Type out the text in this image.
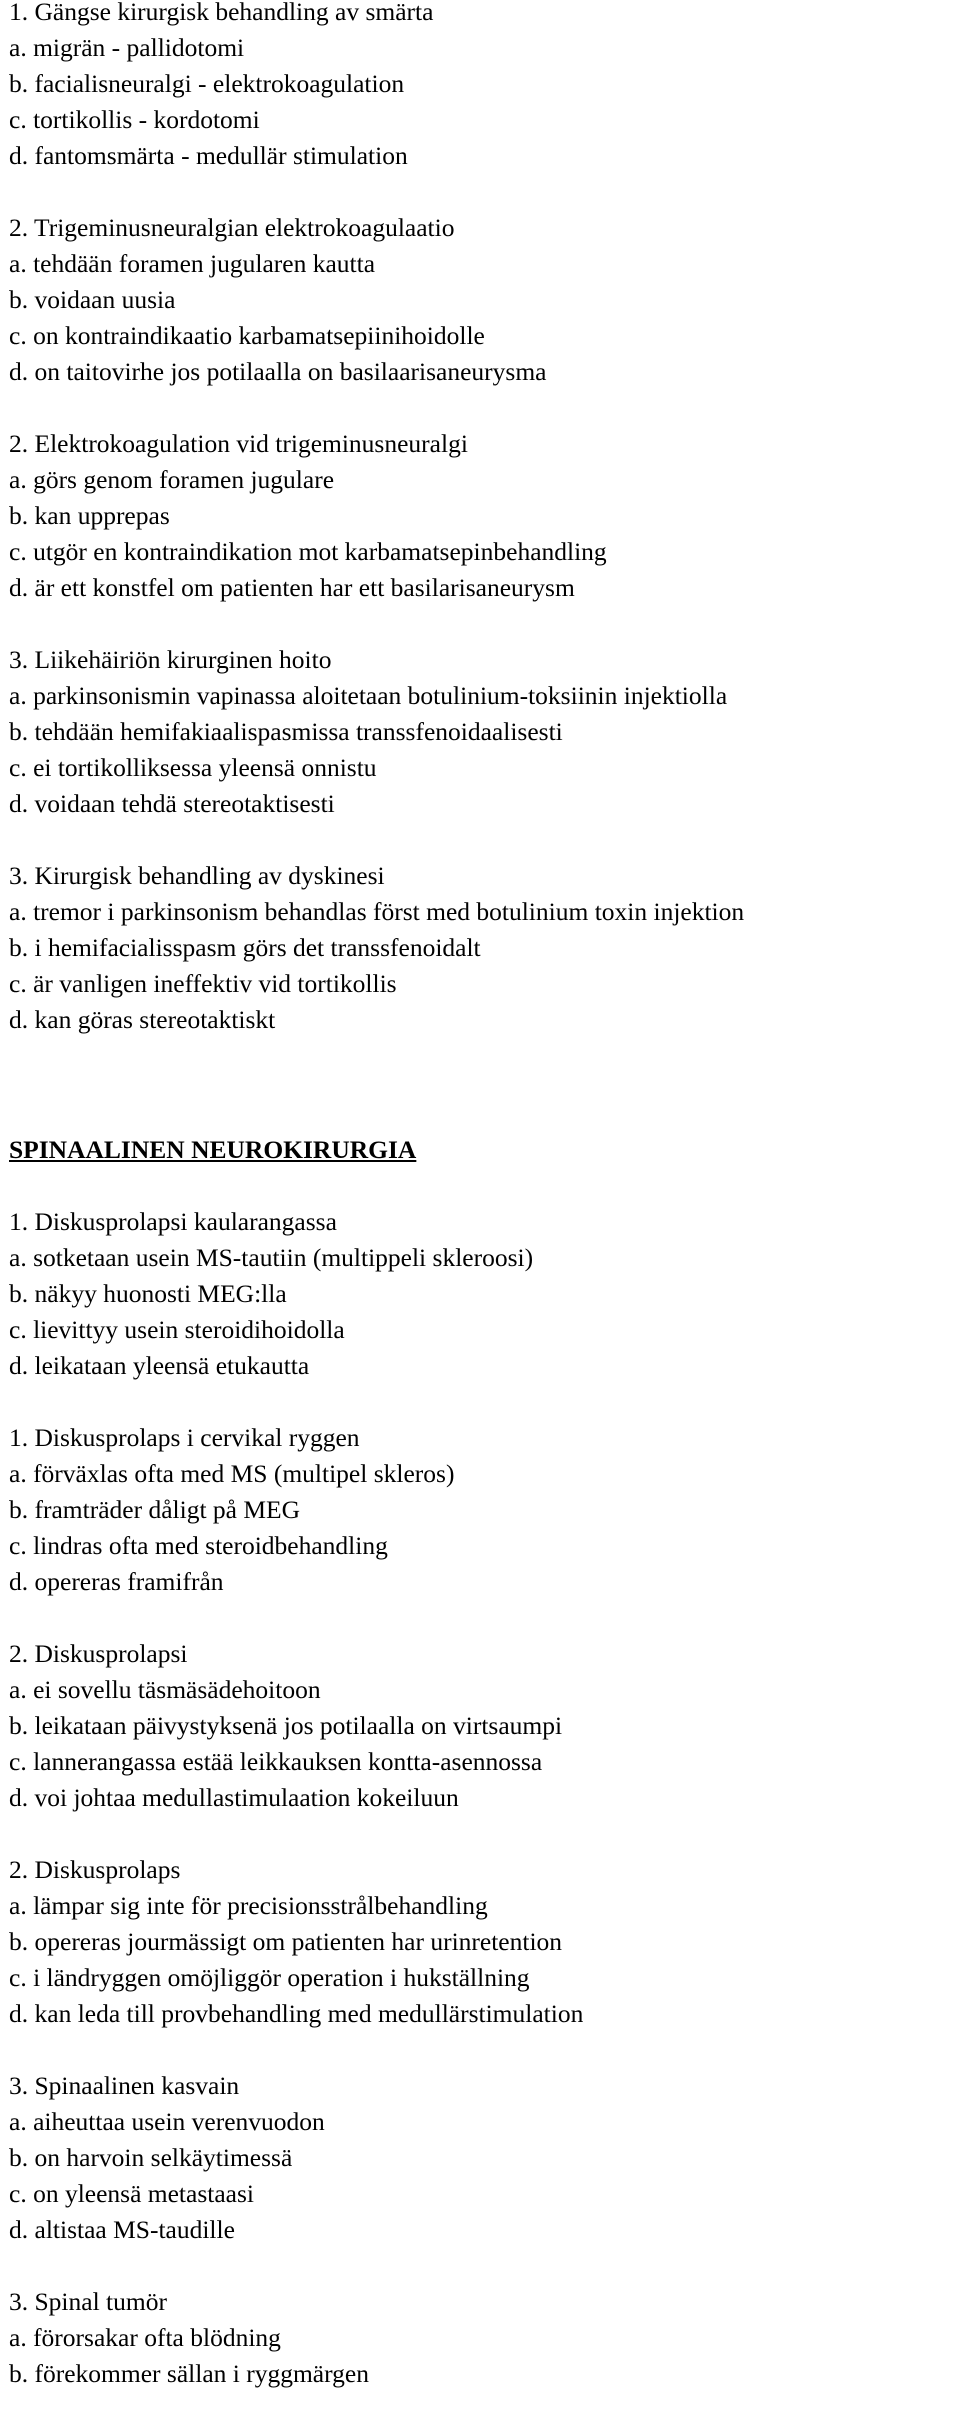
1. Gängse kirurgisk behandling av smärta

a. migrän - pallidotomi

b. facialisneuralgi - elektrokoagulation

c. tortikollis - kordotomi

d. fantomsmärta - medullär stimulation

2. Trigeminusneuralgian elektrokoagulaatio

a. tehdään foramen jugularen kautta

b. voidaan uusia

c. on kontraindikaatio karbamatsepiinihoidolle

d. on taitovirhe jos potilaalla on basilaarisaneurysma

2. Elektrokoagulation vid trigeminusneuralgi

a. görs genom foramen jugulare

b. kan upprepas

c. utgör en kontraindikation mot karbamatsepinbehandling

d. är ett konstfel om patienten har ett basilarisaneurysm

3. Liikehäiriön kirurginen hoito

a. parkinsonismin vapinassa aloitetaan botulinium-toksiinin injektiolla

b. tehdään hemifakiaalispasmissa transsfenoidaalisesti

c. ei tortikolliksessa yleensä onnistu

d. voidaan tehdä stereotaktisesti

3. Kirurgisk behandling av dyskinesi

a. tremor i parkinsonism behandlas först med botulinium toxin injektion

b. i hemifacialisspasm görs det transsfenoidalt

c. är vanligen ineffektiv vid tortikollis

d. kan göras stereotaktiskt

SPINAALINEN NEUROKIRURGIA

1. Diskusprolapsi kaularangassa

a. sotketaan usein MS-tautiin (multippeli skleroosi)

b. näkyy huonosti MEG:lla

c. lievittyy usein steroidihoidolla

d. leikataan yleensä etukautta

1. Diskusprolaps i cervikal ryggen

a. förväxlas ofta med MS (multipel skleros)

b. framträder dåligt på MEG

c. lindras ofta med steroidbehandling

d. opereras framifrån

2. Diskusprolapsi

a. ei sovellu täsmäsädehoitoon

b. leikataan päivystyksenä jos potilaalla on virtsaumpi

c. lannerangassa estää leikkauksen kontta-asennossa

d. voi johtaa medullastimulaation kokeiluun

2. Diskusprolaps

a. lämpar sig inte för precisionsstrålbehandling

b. opereras jourmässigt om patienten har urinretention

c. i ländryggen omöjliggör operation i hukställning

d. kan leda till provbehandling med medullärstimulation

3. Spinaalinen kasvain

a. aiheuttaa usein verenvuodon

b. on harvoin selkäytimessä

c. on yleensä metastaasi

d. altistaa MS-taudille

3. Spinal tumör

a. förorsakar ofta blödning

b. förekommer sällan i ryggmärgen
